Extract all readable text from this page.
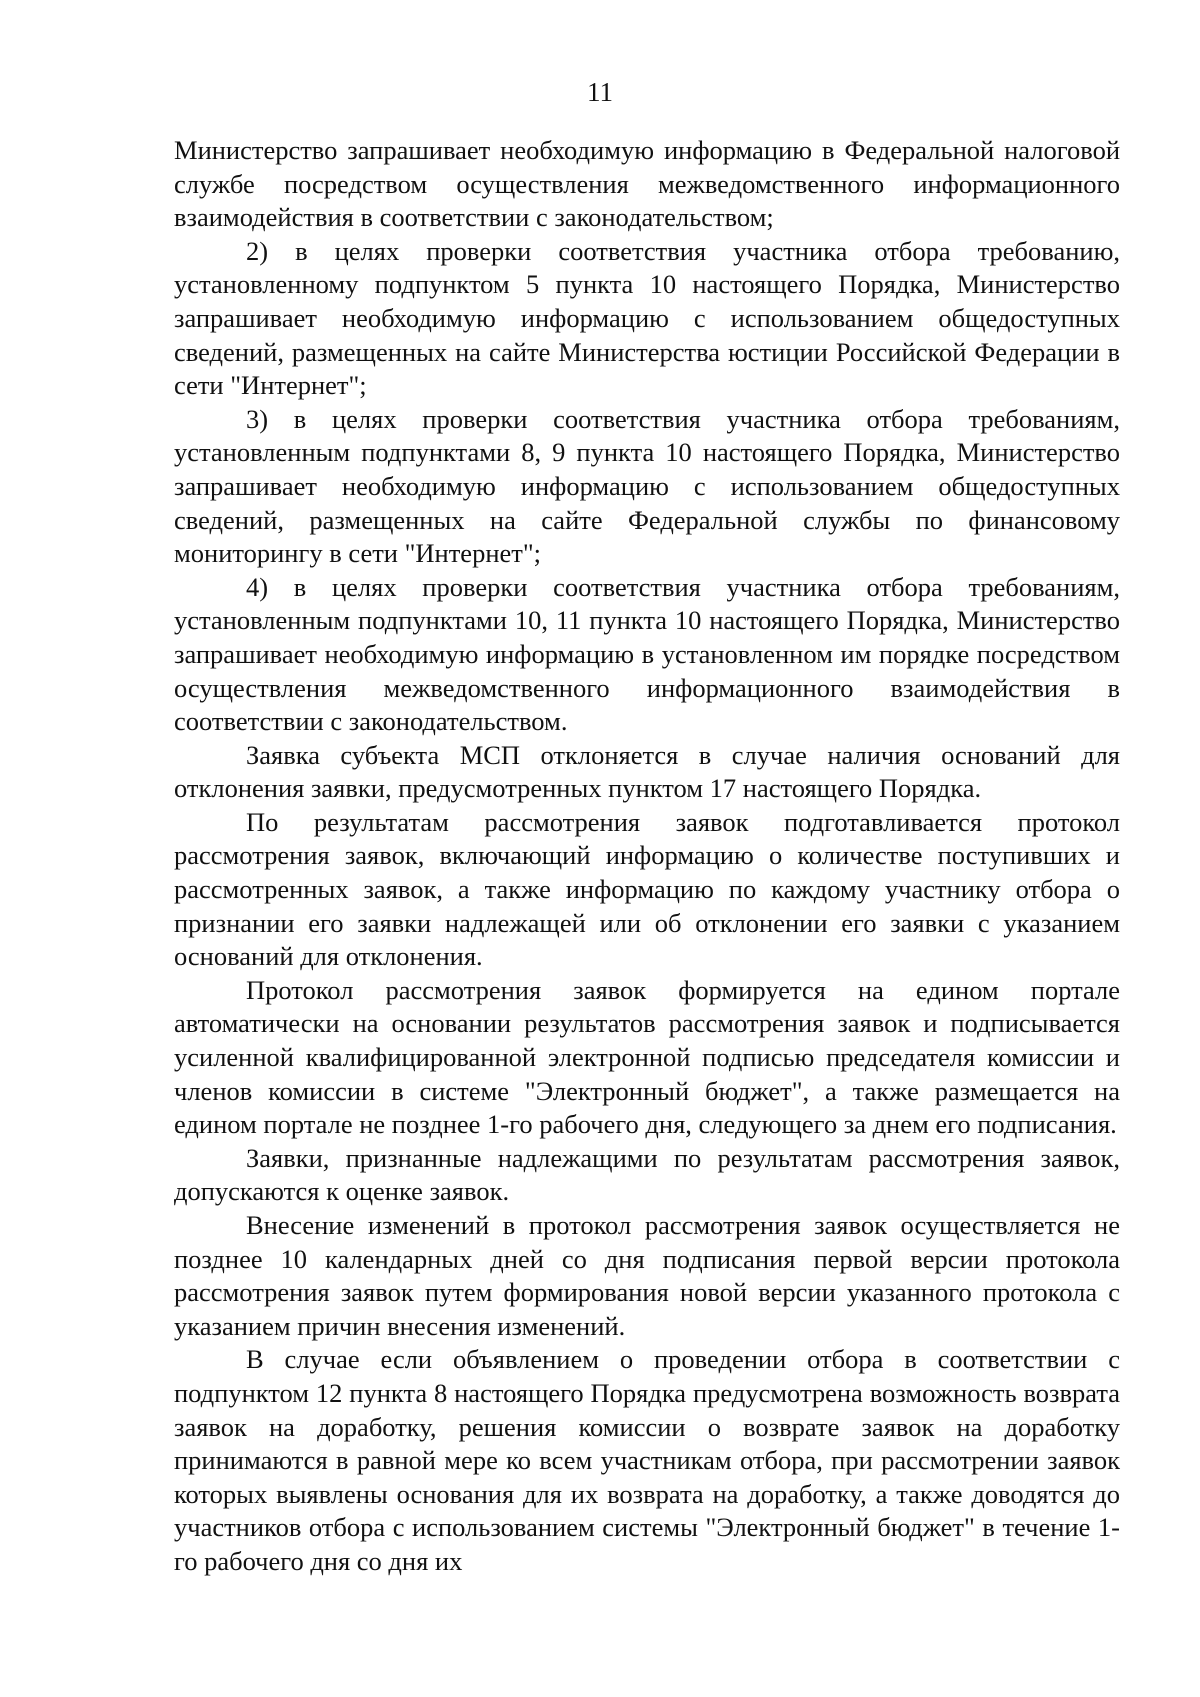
11

Министерство запрашивает необходимую информацию в Федеральной налоговой службе посредством осуществления межведомственного информационного взаимодействия в соответствии с законодательством;

2) в целях проверки соответствия участника отбора требованию, установленному подпунктом 5 пункта 10 настоящего Порядка, Министерство запрашивает необходимую информацию с использованием общедоступных сведений, размещенных на сайте Министерства юстиции Российской Федерации в сети "Интернет";

3) в целях проверки соответствия участника отбора требованиям, установленным подпунктами 8, 9 пункта 10 настоящего Порядка, Министерство запрашивает необходимую информацию с использованием общедоступных сведений, размещенных на сайте Федеральной службы по финансовому мониторингу в сети "Интернет";

4) в целях проверки соответствия участника отбора требованиям, установленным подпунктами 10, 11 пункта 10 настоящего Порядка, Министерство запрашивает необходимую информацию в установленном им порядке посредством осуществления межведомственного информационного взаимодействия в соответствии с законодательством.

Заявка субъекта МСП отклоняется в случае наличия оснований для отклонения заявки, предусмотренных пунктом 17 настоящего Порядка.

По результатам рассмотрения заявок подготавливается протокол рассмотрения заявок, включающий информацию о количестве поступивших и рассмотренных заявок, а также информацию по каждому участнику отбора о признании его заявки надлежащей или об отклонении его заявки с указанием оснований для отклонения.

Протокол рассмотрения заявок формируется на едином портале автоматически на основании результатов рассмотрения заявок и подписывается усиленной квалифицированной электронной подписью председателя комиссии и членов комиссии в системе "Электронный бюджет", а также размещается на едином портале не позднее 1-го рабочего дня, следующего за днем его подписания.

Заявки, признанные надлежащими по результатам рассмотрения заявок, допускаются к оценке заявок.

Внесение изменений в протокол рассмотрения заявок осуществляется не позднее 10 календарных дней со дня подписания первой версии протокола рассмотрения заявок путем формирования новой версии указанного протокола с указанием причин внесения изменений.

В случае если объявлением о проведении отбора в соответствии с подпунктом 12 пункта 8 настоящего Порядка предусмотрена возможность возврата заявок на доработку, решения комиссии о возврате заявок на доработку принимаются в равной мере ко всем участникам отбора, при рассмотрении заявок которых выявлены основания для их возврата на доработку, а также доводятся до участников отбора с использованием системы "Электронный бюджет" в течение 1-го рабочего дня со дня их
